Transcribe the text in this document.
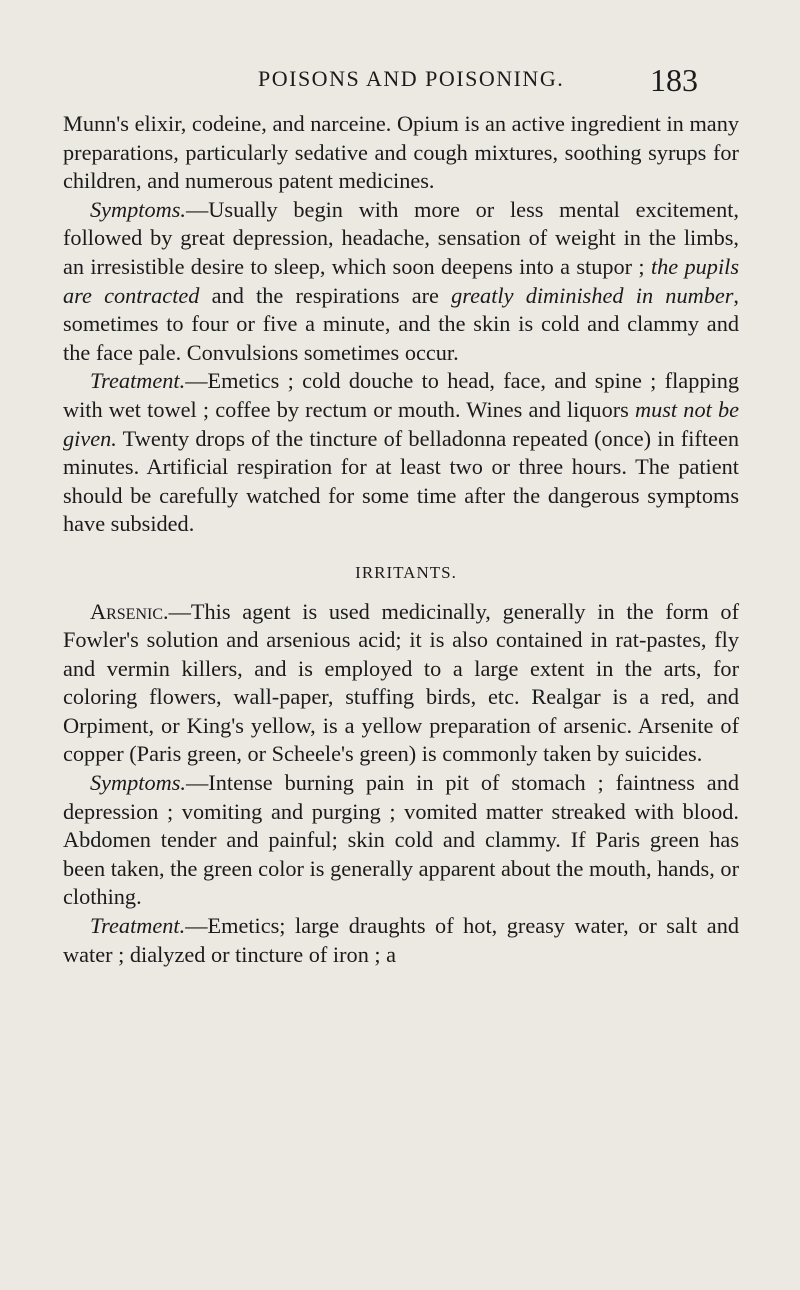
POISONS AND POISONING.	183

Munn's elixir, codeine, and narceine. Opium is an active ingredient in many preparations, particularly sedative and cough mixtures, soothing syrups for children, and numerous patent medicines.

Symptoms.—Usually begin with more or less mental excitement, followed by great depression, headache, sensation of weight in the limbs, an irresistible desire to sleep, which soon deepens into a stupor ; the pupils are contracted and the respirations are greatly diminished in number, sometimes to four or five a minute, and the skin is cold and clammy and the face pale. Convulsions sometimes occur.

Treatment.—Emetics ; cold douche to head, face, and spine ; flapping with wet towel ; coffee by rectum or mouth. Wines and liquors must not be given. Twenty drops of the tincture of belladonna repeated (once) in fifteen minutes. Artificial respiration for at least two or three hours. The patient should be carefully watched for some time after the dangerous symptoms have subsided.

IRRITANTS.

Arsenic.—This agent is used medicinally, generally in the form of Fowler's solution and arsenious acid; it is also contained in rat-pastes, fly and vermin killers, and is employed to a large extent in the arts, for coloring flowers, wall-paper, stuffing birds, etc. Realgar is a red, and Orpiment, or King's yellow, is a yellow preparation of arsenic. Arsenite of copper (Paris green, or Scheele's green) is commonly taken by suicides.

Symptoms.—Intense burning pain in pit of stomach ; faintness and depression ; vomiting and purging ; vomited matter streaked with blood. Abdomen tender and painful; skin cold and clammy. If Paris green has been taken, the green color is generally apparent about the mouth, hands, or clothing.

Treatment.—Emetics; large draughts of hot, greasy water, or salt and water ; dialyzed or tincture of iron ; a
